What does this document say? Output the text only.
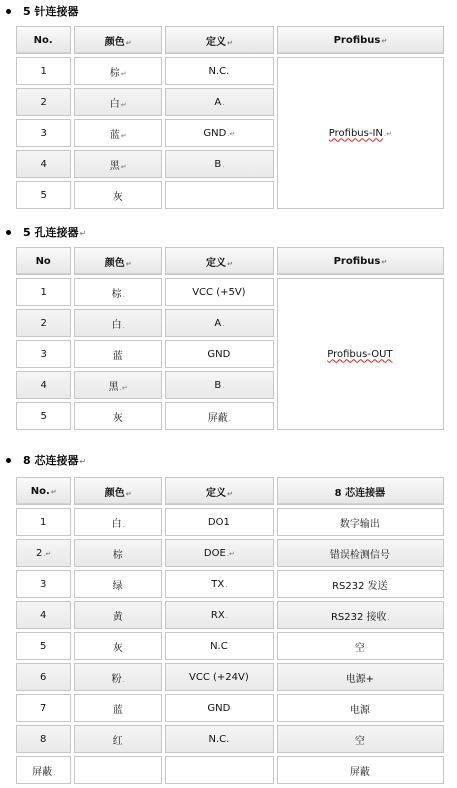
5 针连接器
No.	颜色↵	定义↵	Profibus↵
1	棕↵	N.C.	Profibus-IN.↵
2	白↵	A.	
3	蓝↵	GND.↵	
4	黑↵	B.	
5	灰		
5 孔连接器↵
No	颜色↵	定义↵	Profibus↵
1	棕.	VCC (+5V)	Profibus-OUT
2	白.	A.	
3	蓝	GND	
4	黑.↵	B.	
5	灰	屏蔽.	
8 芯连接器↵
No.↵	颜色↵	定义↵	8 芯连接器
1	白.	DO1	数字输出
2.↵	棕	DOE.↵	错误检测信号
3	绿	TX.	RS232 发送
4	黄	RX.	RS232 接收.
5	灰	N.C	空
6	粉.	VCC (+24V)	电源+
7	蓝	GND	电源
8	红	N.C.	空
屏蔽.			屏蔽
